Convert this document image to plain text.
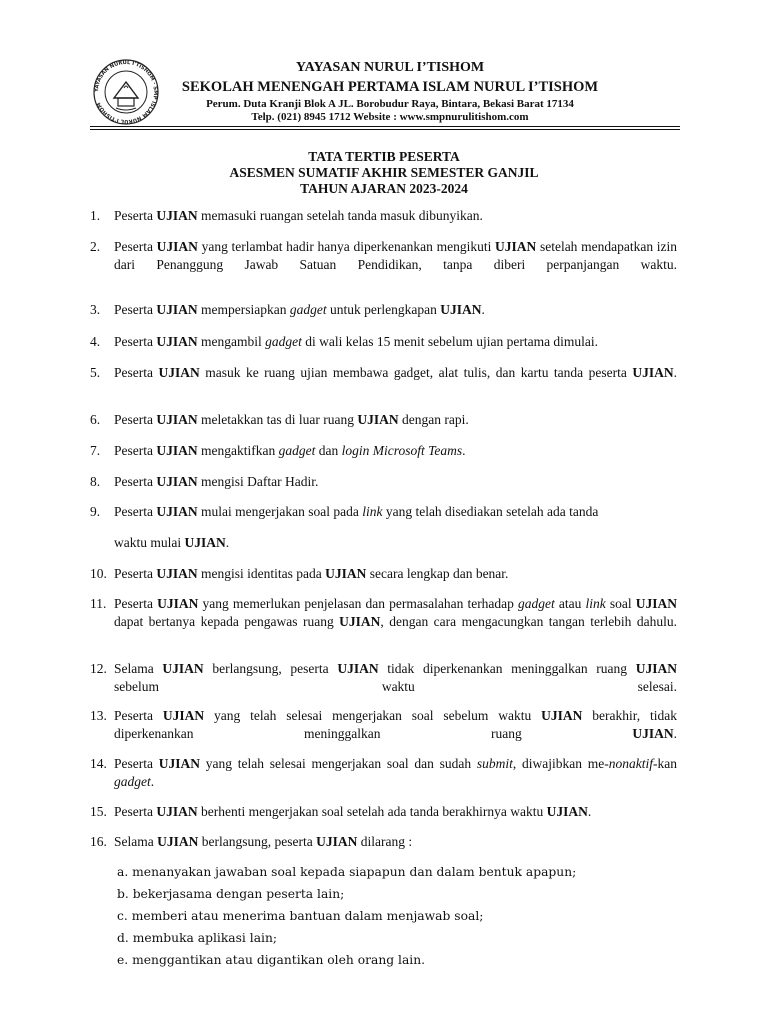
YAYASAN NURUL I'TISHOM · SMP ISLAM NURUL I'TISHOM
YAYASAN NURUL I’TISHOM
SEKOLAH MENENGAH PERTAMA ISLAM NURUL I’TISHOM
Perum. Duta Kranji Blok A JL. Borobudur Raya, Bintara, Bekasi Barat 17134
Telp. (021) 8945 1712 Website : www.smpnurulitishom.com
TATA TERTIB PESERTA
ASESMEN SUMATIF AKHIR SEMESTER GANJIL
TAHUN AJARAN 2023-2024
1.	Peserta UJIAN memasuki ruangan setelah tanda masuk dibunyikan.
2.	Peserta UJIAN yang terlambat hadir hanya diperkenankan mengikuti UJIAN setelah mendapatkan izin dari Penanggung Jawab Satuan Pendidikan, tanpa diberi perpanjangan waktu.
3.	Peserta UJIAN mempersiapkan gadget untuk perlengkapan UJIAN.
4.	Peserta UJIAN mengambil gadget di wali kelas 15 menit sebelum ujian pertama dimulai.
5.	Peserta UJIAN masuk ke ruang ujian membawa gadget, alat tulis, dan kartu tanda peserta UJIAN.
6.	Peserta UJIAN meletakkan tas di luar ruang UJIAN dengan rapi.
7.	Peserta UJIAN mengaktifkan gadget dan login Microsoft Teams.
8.	Peserta UJIAN mengisi Daftar Hadir.
9.	Peserta UJIAN mulai mengerjakan soal pada link yang telah disediakan setelah ada tanda
waktu mulai UJIAN.
10. Peserta UJIAN mengisi identitas pada UJIAN secara lengkap dan benar.
11. Peserta UJIAN yang memerlukan penjelasan dan permasalahan terhadap gadget atau link soal UJIAN dapat bertanya kepada pengawas ruang UJIAN, dengan cara mengacungkan tangan terlebih dahulu.
12. Selama UJIAN berlangsung, peserta UJIAN tidak diperkenankan meninggalkan ruang UJIAN sebelum waktu selesai.
13. Peserta UJIAN yang telah selesai mengerjakan soal sebelum waktu UJIAN berakhir, tidak diperkenankan meninggalkan ruang UJIAN.
14. Peserta UJIAN yang telah selesai mengerjakan soal dan sudah submit, diwajibkan me-nonaktif-kan gadget.
15. Peserta UJIAN berhenti mengerjakan soal setelah ada tanda berakhirnya waktu UJIAN.
16. Selama UJIAN berlangsung, peserta UJIAN dilarang :
a. menanyakan jawaban soal kepada siapapun dan dalam bentuk apapun;
b. bekerjasama dengan peserta lain;
c. memberi atau menerima bantuan dalam menjawab soal;
d. membuka aplikasi lain;
e. menggantikan atau digantikan oleh orang lain.
